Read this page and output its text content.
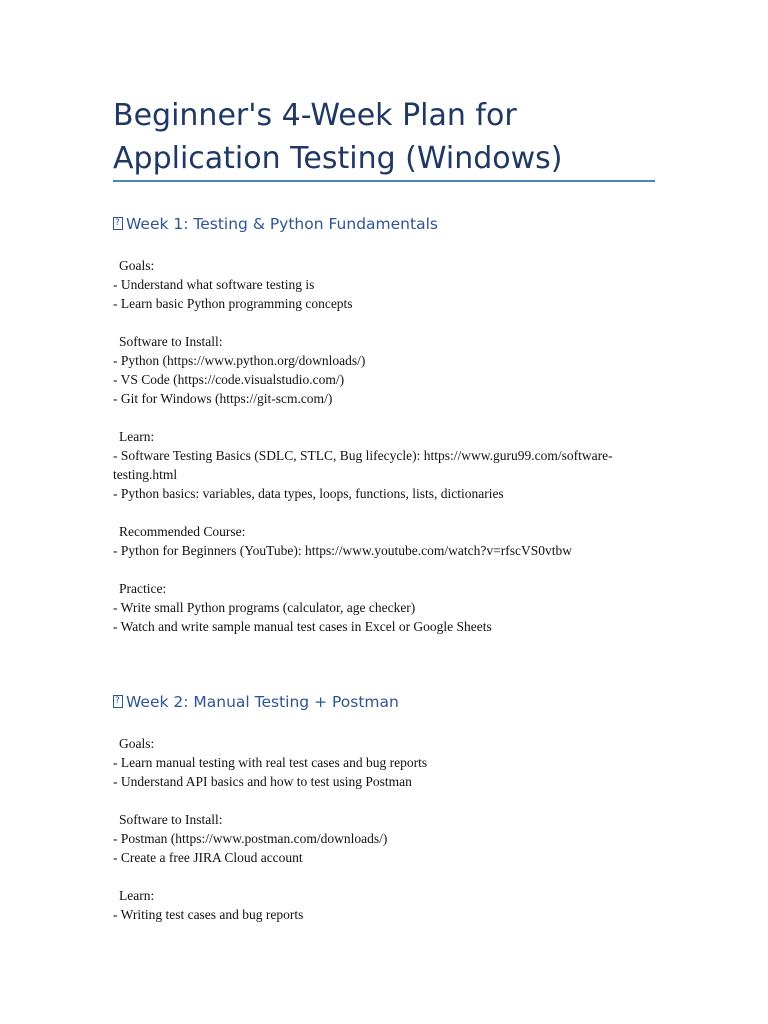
Beginner's 4-Week Plan for Application Testing (Windows)
?Week 1: Testing & Python Fundamentals
Goals:
- Understand what software testing is
- Learn basic Python programming concepts
Software to Install:
- Python (https://www.python.org/downloads/)
- VS Code (https://code.visualstudio.com/)
- Git for Windows (https://git-scm.com/)
Learn:
- Software Testing Basics (SDLC, STLC, Bug lifecycle): https://www.guru99.com/software-testing.html
- Python basics: variables, data types, loops, functions, lists, dictionaries
Recommended Course:
- Python for Beginners (YouTube): https://www.youtube.com/watch?v=rfscVS0vtbw
Practice:
- Write small Python programs (calculator, age checker)
- Watch and write sample manual test cases in Excel or Google Sheets
?Week 2: Manual Testing + Postman
Goals:
- Learn manual testing with real test cases and bug reports
- Understand API basics and how to test using Postman
Software to Install:
- Postman (https://www.postman.com/downloads/)
- Create a free JIRA Cloud account
Learn:
- Writing test cases and bug reports
